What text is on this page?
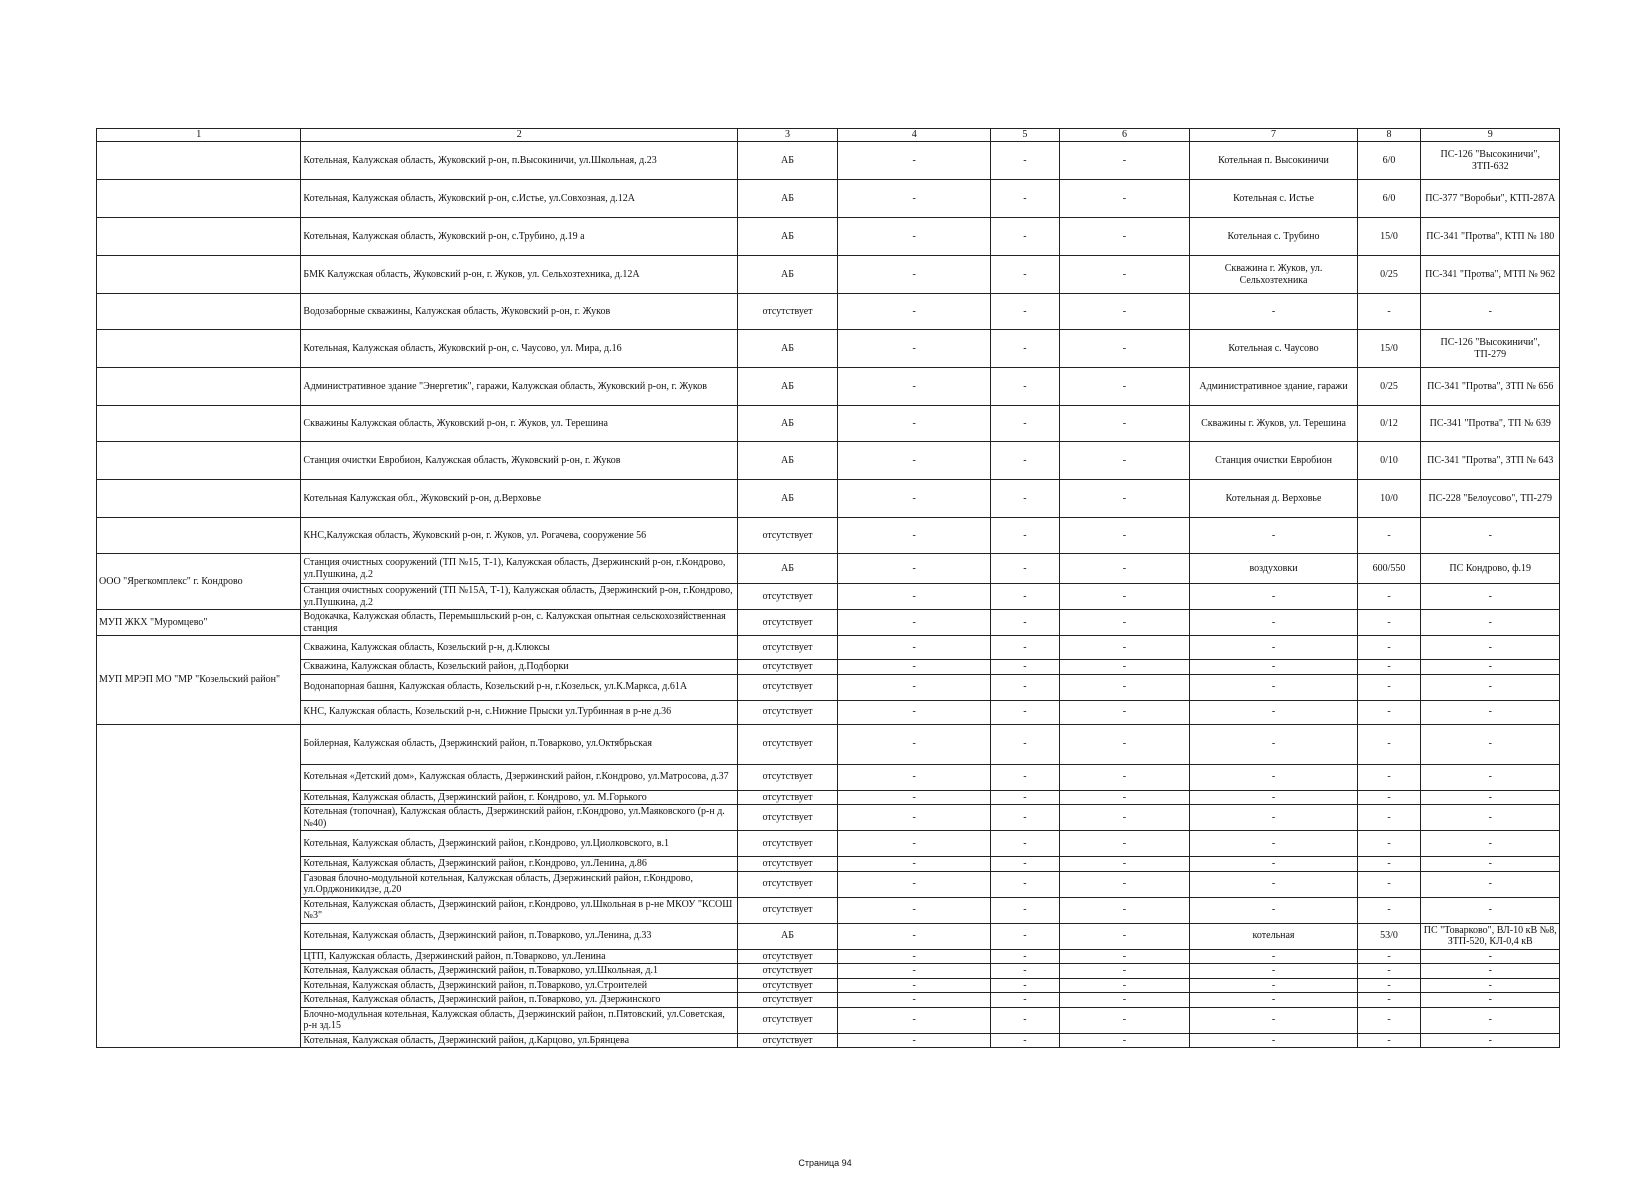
1	2	3	4	5	6	7	8	9
	Котельная, Калужская область, Жуковский р-он, п.Высокиничи, ул.Школьная, д.23	АБ	-	-	-	Котельная п. Высокиничи	6/0	ПС-126 "Высокиничи", ЗТП-632
	Котельная, Калужская область, Жуковский р-он, с.Истье, ул.Совхозная, д.12А	АБ	-	-	-	Котельная с. Истье	6/0	ПС-377 "Воробьи", КТП-287А
	Котельная, Калужская область, Жуковский р-он, с.Трубино, д.19 а	АБ	-	-	-	Котельная с. Трубино	15/0	ПС-341 "Протва", КТП № 180
	БМК Калужская область, Жуковский р-он, г. Жуков, ул. Сельхозтехника, д.12А	АБ	-	-	-	Скважина г. Жуков, ул. Сельхозтехника	0/25	ПС-341 "Протва", МТП № 962
	Водозаборные скважины, Калужская область, Жуковский р-он, г. Жуков	отсутствует	-	-	-	-	-	-
	Котельная, Калужская область, Жуковский р-он, с. Чаусово, ул. Мира, д.16	АБ	-	-	-	Котельная с. Чаусово	15/0	ПС-126 "Высокиничи", ТП-279
	Административное здание "Энергетик", гаражи, Калужская область, Жуковский р-он, г. Жуков	АБ	-	-	-	Административное здание, гаражи	0/25	ПС-341 "Протва", ЗТП № 656
	Скважины Калужская область, Жуковский р-он, г. Жуков, ул. Терешина	АБ	-	-	-	Скважины г. Жуков, ул. Терешина	0/12	ПС-341 "Протва", ТП № 639
	Станция очистки Евробион, Калужская область, Жуковский р-он, г. Жуков	АБ	-	-	-	Станция очистки Евробион	0/10	ПС-341 "Протва", ЗТП № 643
	Котельная Калужская обл., Жуковский р-он, д.Верховье	АБ	-	-	-	Котельная д. Верховье	10/0	ПС-228 "Белоусово", ТП-279
	КНС,Калужская область, Жуковский р-он, г. Жуков, ул. Рогачева, сооружение 56	отсутствует	-	-	-	-	-	-
ООО "Ярегкомплекс" г. Кондрово	Станция очистных сооружений (ТП №15, Т-1), Калужская область, Дзержинский р-он, г.Кондрово, ул.Пушкина, д.2	АБ	-	-	-	воздуховки	600/550	ПС Кондрово, ф.19
	Станция очистных сооружений (ТП №15А, Т-1), Калужская область, Дзержинский р-он, г.Кондрово, ул.Пушкина, д.2	отсутствует	-	-	-	-	-	-
МУП ЖКХ "Муромцево"	Водокачка, Калужская область, Перемышльский р-он, с. Калужская опытная сельскохозяйственная станция	отсутствует	-	-	-	-	-	-
МУП МРЭП МО "МР "Козельский район"	Скважина, Калужская область, Козельский р-н, д.Клюксы	отсутствует	-	-	-	-	-	-
	Скважина, Калужская область, Козельский район, д.Подборки	отсутствует	-	-	-	-	-	-
	Водонапорная башня, Калужская область, Козельский р-н, г.Козельск, ул.К.Маркса, д.61А	отсутствует	-	-	-	-	-	-
	КНС, Калужская область, Козельский р-н, с.Нижние Прыски ул.Турбинная в р-не д.36	отсутствует	-	-	-	-	-	-
	Бойлерная, Калужская область, Дзержинский район, п.Товарково, ул.Октябрьская	отсутствует	-	-	-	-	-	-
	Котельная «Детский дом», Калужская область, Дзержинский район, г.Кондрово, ул.Матросова, д.37	отсутствует	-	-	-	-	-	-
	Котельная, Калужская область, Дзержинский район, г. Кондрово, ул. М.Горького	отсутствует	-	-	-	-	-	-
	Котельная (топочная), Калужская область, Дзержинский район, г.Кондрово, ул.Маяковского (р-н д.№40)	отсутствует	-	-	-	-	-	-
	Котельная, Калужская область, Дзержинский район, г.Кондрово, ул.Циолковского, в.1	отсутствует	-	-	-	-	-	-
	Котельная, Калужская область, Дзержинский район, г.Кондрово, ул.Ленина, д.86	отсутствует	-	-	-	-	-	-
	Газовая блочно-модульной котельная, Калужская область, Дзержинский район, г.Кондрово, ул.Орджоникидзе, д.20	отсутствует	-	-	-	-	-	-
	Котельная, Калужская область, Дзержинский район, г.Кондрово, ул.Школьная в р-не МКОУ "КСОШ №3"	отсутствует	-	-	-	-	-	-
	Котельная, Калужская область, Дзержинский район, п.Товарково, ул.Ленина, д.33	АБ	-	-	-	котельная	53/0	ПС "Товарково", ВЛ-10 кВ №8, ЗТП-520, КЛ-0,4 кВ
	ЦТП, Калужская область, Дзержинский район, п.Товарково, ул.Ленина	отсутствует	-	-	-	-	-	-
	Котельная, Калужская область, Дзержинский район, п.Товарково, ул.Школьная, д.1	отсутствует	-	-	-	-	-	-
	Котельная, Калужская область, Дзержинский район, п.Товарково, ул.Строителей	отсутствует	-	-	-	-	-	-
	Котельная, Калужская область, Дзержинский район, п.Товарково, ул. Дзержинского	отсутствует	-	-	-	-	-	-
	Блочно-модульная котельная, Калужская область, Дзержинский район, п.Пятовский, ул.Советская, р-н зд.15	отсутствует	-	-	-	-	-	-
	Котельная, Калужская область, Дзержинский район, д.Карцово, ул.Брянцева	отсутствует	-	-	-	-	-	-
Страница 94
